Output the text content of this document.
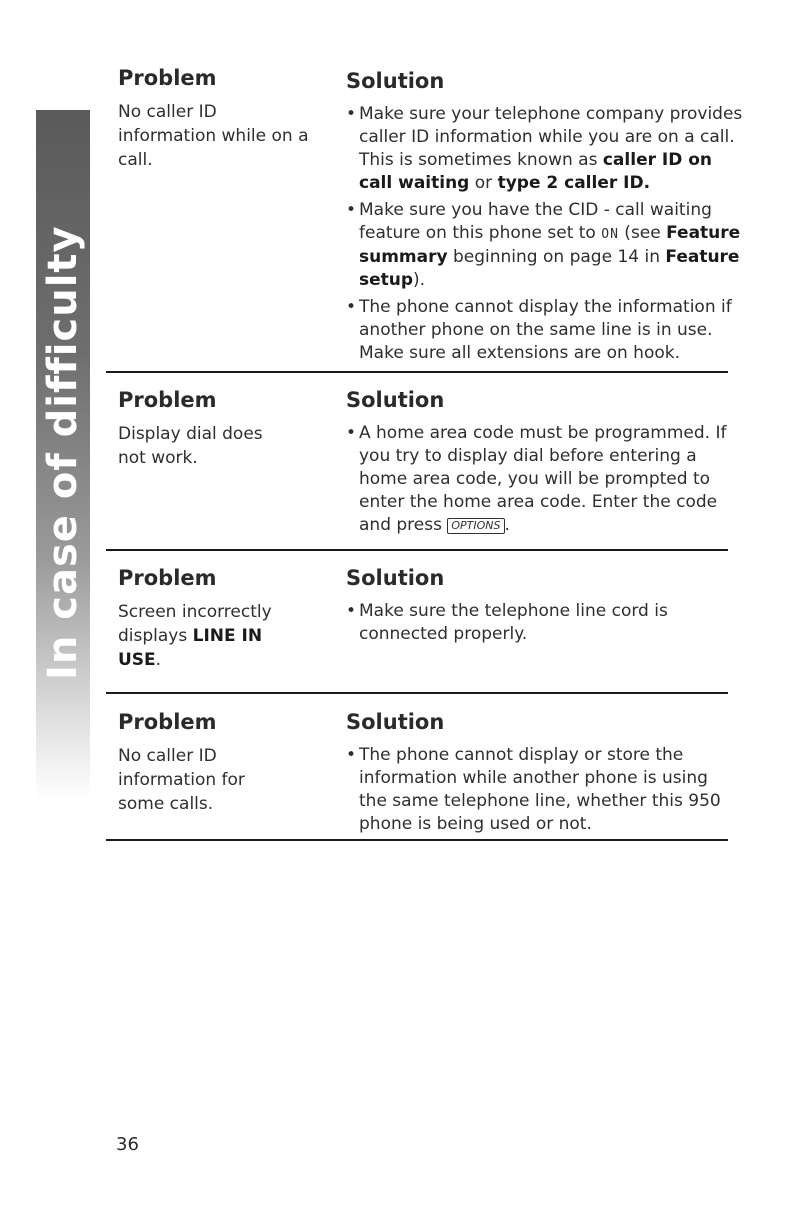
In case of difficulty
Problem
No caller ID information while on a call.
Solution
• Make sure your telephone company provides caller ID information while you are on a call. This is sometimes known as caller ID on call waiting or type 2 caller ID.
• Make sure you have the CID - call waiting feature on this phone set to ON (see Feature summary beginning on page 14 in Feature setup).
• The phone cannot display the information if another phone on the same line is in use. Make sure all extensions are on hook.
Problem
Display dial does not work.
Solution
• A home area code must be programmed. If you try to display dial before entering a home area code, you will be prompted to enter the home area code. Enter the code and press OPTIONS .
Problem
Screen incorrectly displays LINE IN USE.
Solution
• Make sure the telephone line cord is connected properly.
Problem
No caller ID information for some calls.
Solution
• The phone cannot display or store the information while another phone is using the same telephone line, whether this 950 phone is being used or not.
36
